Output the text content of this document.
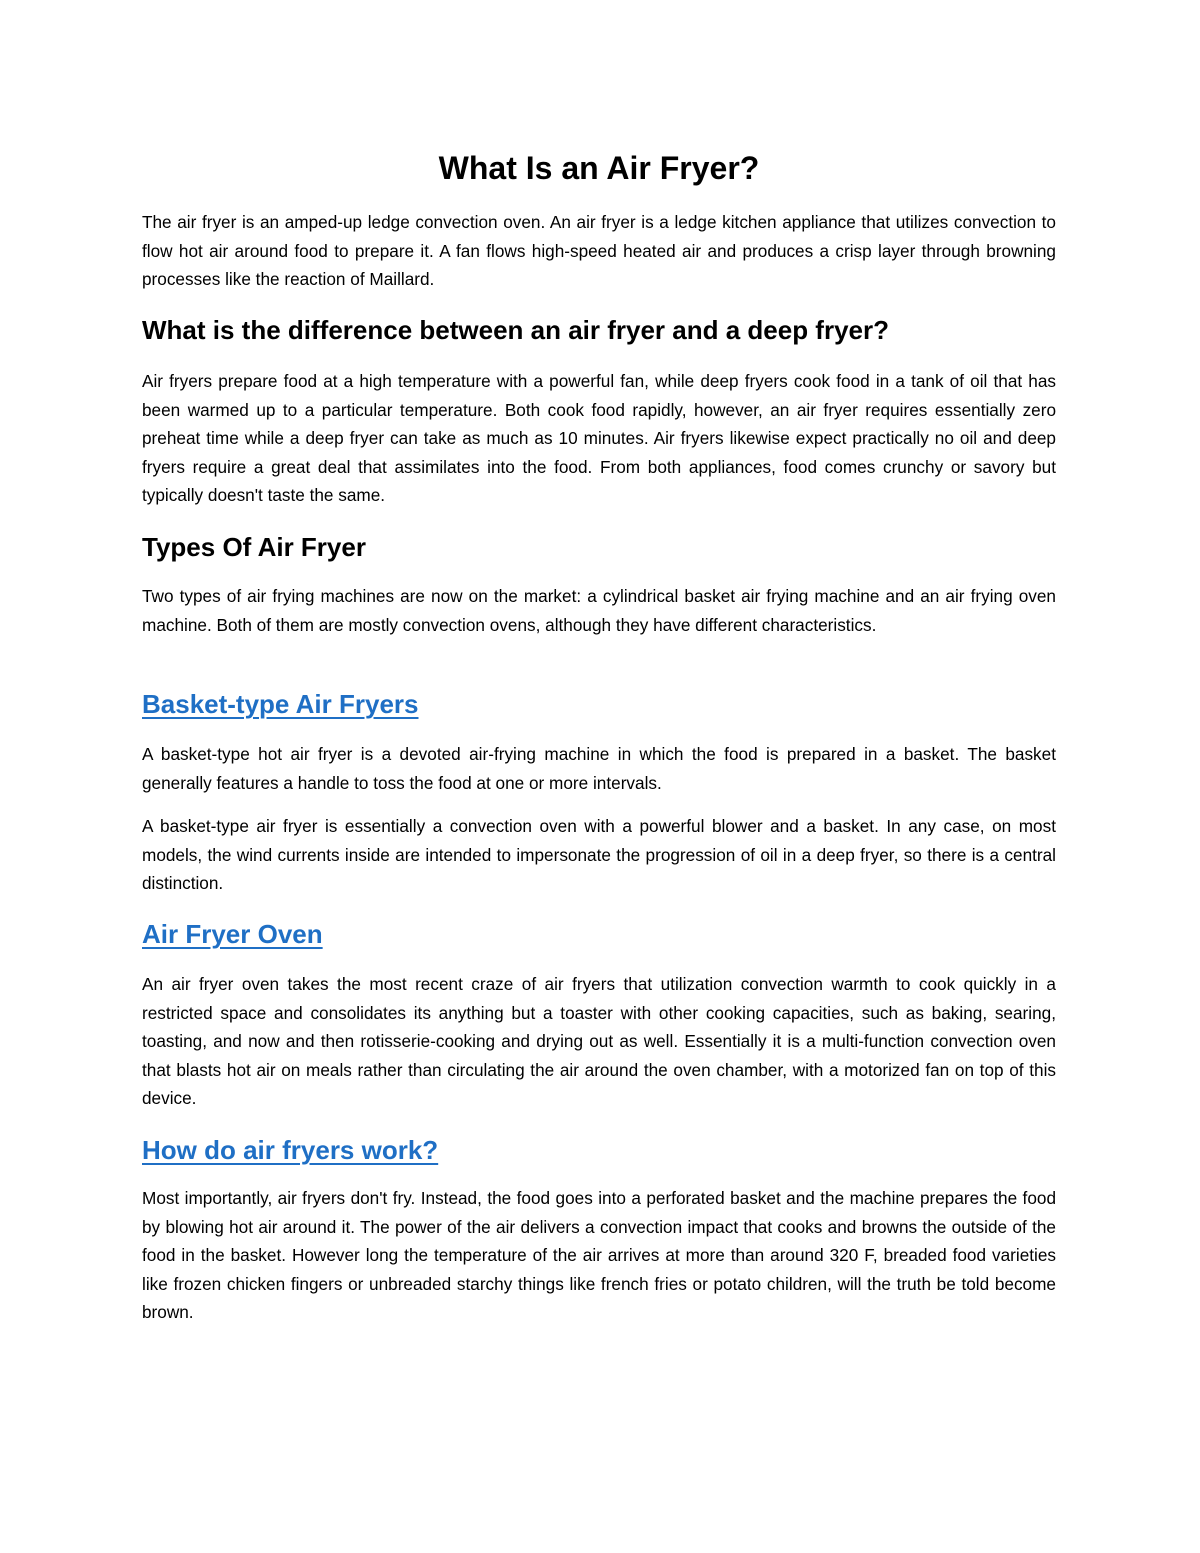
What Is an Air Fryer?

The air fryer is an amped-up ledge convection oven. An air fryer is a ledge kitchen appliance that utilizes convection to flow hot air around food to prepare it. A fan flows high-speed heated air and produces a crisp layer through browning processes like the reaction of Maillard.

What is the difference between an air fryer and a deep fryer?

Air fryers prepare food at a high temperature with a powerful fan, while deep fryers cook food in a tank of oil that has been warmed up to a particular temperature. Both cook food rapidly, however, an air fryer requires essentially zero preheat time while a deep fryer can take as much as 10 minutes. Air fryers likewise expect practically no oil and deep fryers require a great deal that assimilates into the food. From both appliances, food comes crunchy or savory but typically doesn't taste the same.

Types Of Air Fryer

Two types of air frying machines are now on the market: a cylindrical basket air frying machine and an air frying oven machine. Both of them are mostly convection ovens, although they have different characteristics.

Basket-type Air Fryers

A basket-type hot air fryer is a devoted air-frying machine in which the food is prepared in a basket. The basket generally features a handle to toss the food at one or more intervals.

A basket-type air fryer is essentially a convection oven with a powerful blower and a basket. In any case, on most models, the wind currents inside are intended to impersonate the progression of oil in a deep fryer, so there is a central distinction.

Air Fryer Oven

An air fryer oven takes the most recent craze of air fryers that utilization convection warmth to cook quickly in a restricted space and consolidates its anything but a toaster with other cooking capacities, such as baking, searing, toasting, and now and then rotisserie-cooking and drying out as well. Essentially it is a multi-function convection oven that blasts hot air on meals rather than circulating the air around the oven chamber, with a motorized fan on top of this device.

How do air fryers work?

Most importantly, air fryers don't fry. Instead, the food goes into a perforated basket and the machine prepares the food by blowing hot air around it. The power of the air delivers a convection impact that cooks and browns the outside of the food in the basket. However long the temperature of the air arrives at more than around 320 F, breaded food varieties like frozen chicken fingers or unbreaded starchy things like french fries or potato children, will the truth be told become brown.
